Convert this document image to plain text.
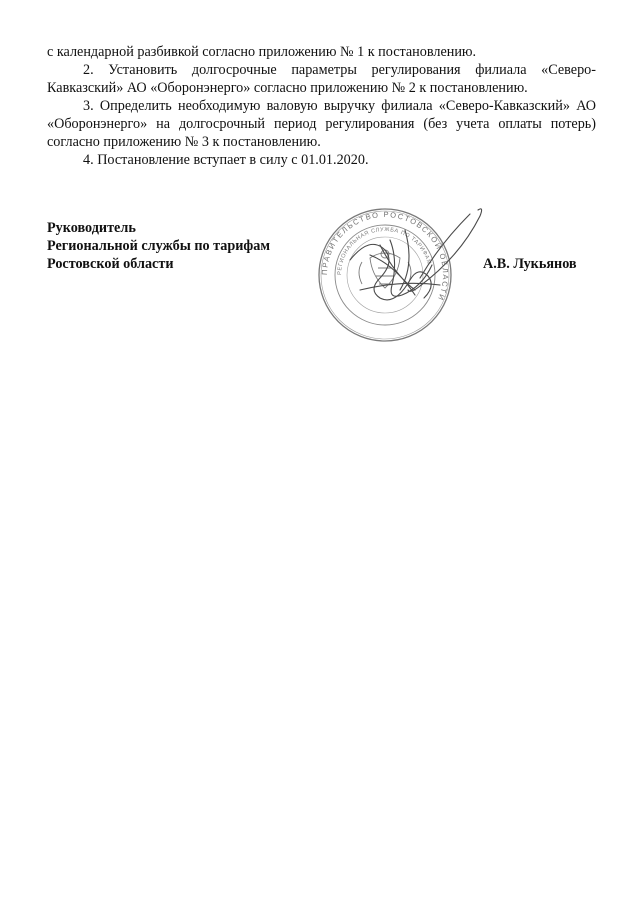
с календарной разбивкой согласно приложению № 1 к постановлению.

2. Установить долгосрочные параметры регулирования филиала «Северо-Кавказский» АО «Оборонэнерго» согласно приложению № 2 к постановлению.

3. Определить необходимую валовую выручку филиала «Северо-Кавказский» АО «Оборонэнерго» на долгосрочный период регулирования (без учета оплаты потерь) согласно приложению № 3 к постановлению.

4. Постановление вступает в силу с 01.01.2020.

ПРАВИТЕЛЬСТВО РОСТОВСКОЙ ОБЛАСТИ
РЕГИОНАЛЬНАЯ СЛУЖБА ПО ТАРИФАМ
Руководитель
Региональной службы по тарифам
Ростовской области	А.В. Лукьянов
